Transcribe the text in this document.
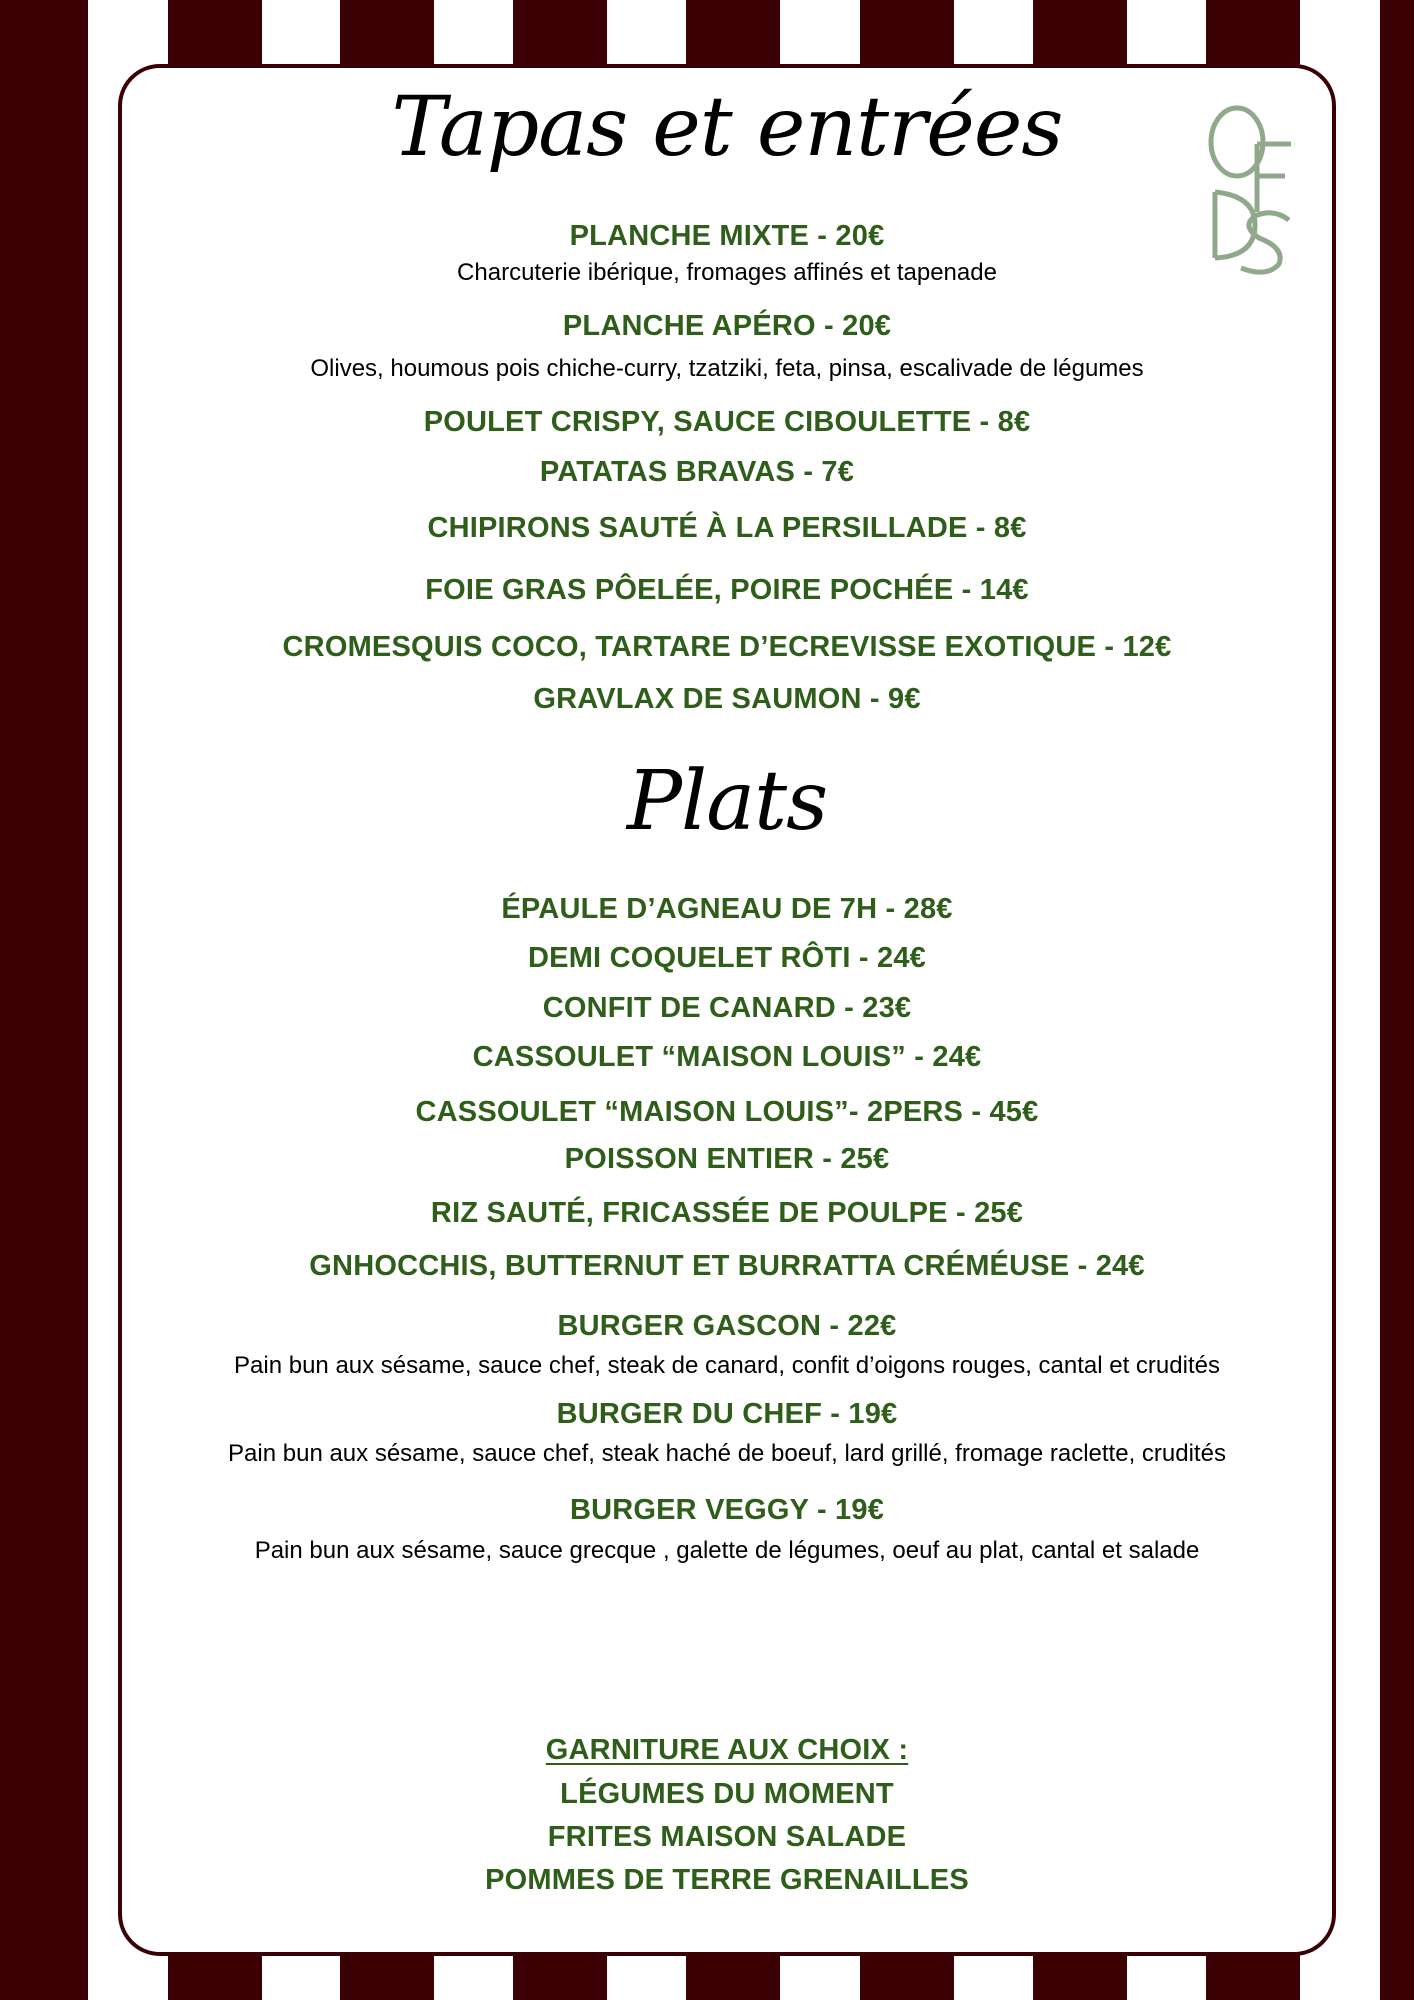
Tapas et entrées
PLANCHE MIXTE - 20€
Charcuterie ibérique, fromages affinés et tapenade
PLANCHE APÉRO - 20€
Olives, houmous pois chiche-curry, tzatziki, feta, pinsa, escalivade de légumes
POULET CRISPY, SAUCE CIBOULETTE - 8€
PATATAS BRAVAS - 7€
CHIPIRONS SAUTÉ À LA PERSILLADE - 8€
FOIE GRAS PÔELÉE, POIRE POCHÉE - 14€
CROMESQUIS COCO, TARTARE D’ECREVISSE EXOTIQUE - 12€
GRAVLAX DE SAUMON - 9€
Plats
ÉPAULE D’AGNEAU DE 7H - 28€
DEMI COQUELET RÔTI - 24€
CONFIT DE CANARD - 23€
CASSOULET “MAISON LOUIS” - 24€
CASSOULET “MAISON LOUIS”- 2PERS - 45€
POISSON ENTIER - 25€
RIZ SAUTÉ, FRICASSÉE DE POULPE - 25€
GNHOCCHIS, BUTTERNUT ET BURRATTA CRÉMÉUSE - 24€
BURGER GASCON - 22€
Pain bun aux sésame, sauce chef, steak de canard, confit d’oigons rouges, cantal et crudités
BURGER DU CHEF - 19€
Pain bun aux sésame, sauce chef, steak haché de boeuf, lard grillé, fromage raclette, crudités
BURGER VEGGY - 19€
Pain bun aux sésame, sauce grecque , galette de légumes, oeuf au plat, cantal et salade
GARNITURE AUX CHOIX :
LÉGUMES DU MOMENT
FRITES MAISON SALADE
POMMES DE TERRE GRENAILLES
